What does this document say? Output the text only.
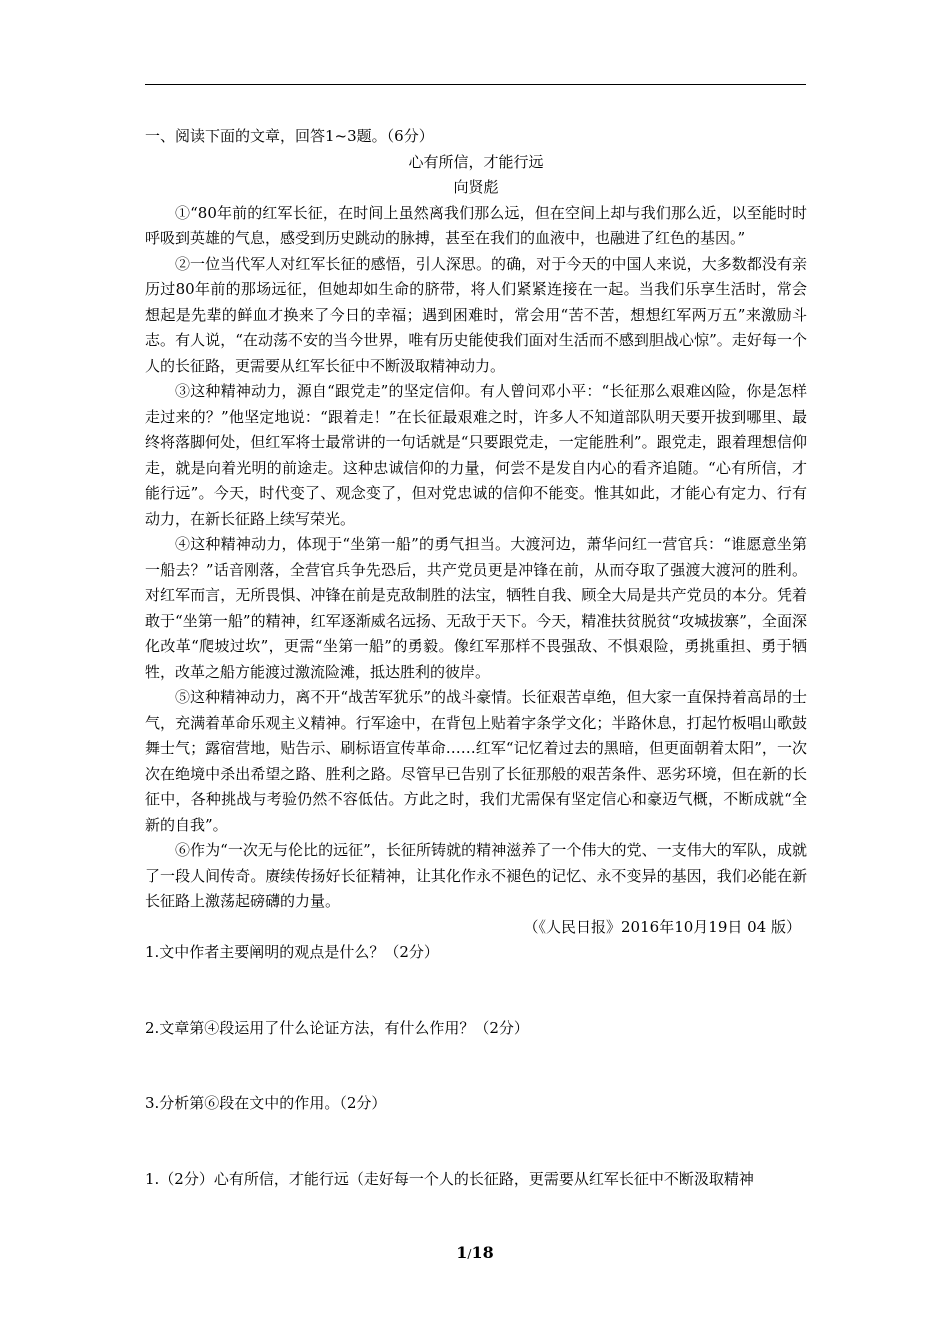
一、阅读下面的文章，回答1~3题。（6分）

心有所信，才能行远

向贤彪

①“80年前的红军长征，在时间上虽然离我们那么远，但在空间上却与我们那么近，以至能时时呼吸到英雄的气息，感受到历史跳动的脉搏，甚至在我们的血液中，也融进了红色的基因。”

②一位当代军人对红军长征的感悟，引人深思。的确，对于今天的中国人来说，大多数都没有亲历过80年前的那场远征，但她却如生命的脐带，将人们紧紧连接在一起。当我们乐享生活时，常会想起是先辈的鲜血才换来了今日的幸福；遇到困难时，常会用“苦不苦，想想红军两万五”来激励斗志。有人说，“在动荡不安的当今世界，唯有历史能使我们面对生活而不感到胆战心惊”。走好每一个人的长征路，更需要从红军长征中不断汲取精神动力。

③这种精神动力，源自“跟党走”的坚定信仰。有人曾问邓小平：“长征那么艰难凶险，你是怎样走过来的？”他坚定地说：“跟着走！”在长征最艰难之时，许多人不知道部队明天要开拔到哪里、最终将落脚何处，但红军将士最常讲的一句话就是“只要跟党走，一定能胜利”。跟党走，跟着理想信仰走，就是向着光明的前途走。这种忠诚信仰的力量，何尝不是发自内心的看齐追随。“心有所信，才能行远”。今天，时代变了、观念变了，但对党忠诚的信仰不能变。惟其如此，才能心有定力、行有动力，在新长征路上续写荣光。

④这种精神动力，体现于“坐第一船”的勇气担当。大渡河边，萧华问红一营官兵：“谁愿意坐第一船去？”话音刚落，全营官兵争先恐后，共产党员更是冲锋在前，从而夺取了强渡大渡河的胜利。对红军而言，无所畏惧、冲锋在前是克敌制胜的法宝，牺牲自我、顾全大局是共产党员的本分。凭着敢于“坐第一船”的精神，红军逐渐威名远扬、无敌于天下。今天，精准扶贫脱贫“攻城拔寨”，全面深化改革“爬坡过坎”，更需“坐第一船”的勇毅。像红军那样不畏强敌、不惧艰险，勇挑重担、勇于牺牲，改革之船方能渡过激流险滩，抵达胜利的彼岸。

⑤这种精神动力，离不开“战苦军犹乐”的战斗豪情。长征艰苦卓绝，但大家一直保持着高昂的士气，充满着革命乐观主义精神。行军途中，在背包上贴着字条学文化；半路休息，打起竹板唱山歌鼓舞士气；露宿营地，贴告示、刷标语宣传革命……红军“记忆着过去的黑暗，但更面朝着太阳”，一次次在绝境中杀出希望之路、胜利之路。尽管早已告别了长征那般的艰苦条件、恶劣环境，但在新的长征中，各种挑战与考验仍然不容低估。方此之时，我们尤需保有坚定信心和豪迈气概，不断成就“全新的自我”。

⑥作为“一次无与伦比的远征”，长征所铸就的精神滋养了一个伟大的党、一支伟大的军队，成就了一段人间传奇。赓续传扬好长征精神，让其化作永不褪色的记忆、永不变异的基因，我们必能在新长征路上激荡起磅礴的力量。

（《人民日报》2016年10月19日 04 版）

1.文中作者主要阐明的观点是什么？（2分）

2.文章第④段运用了什么论证方法，有什么作用？（2分）

3.分析第⑥段在文中的作用。（2分）

1.（2分）心有所信，才能行远（走好每一个人的长征路，更需要从红军长征中不断汲取精神

1/18
